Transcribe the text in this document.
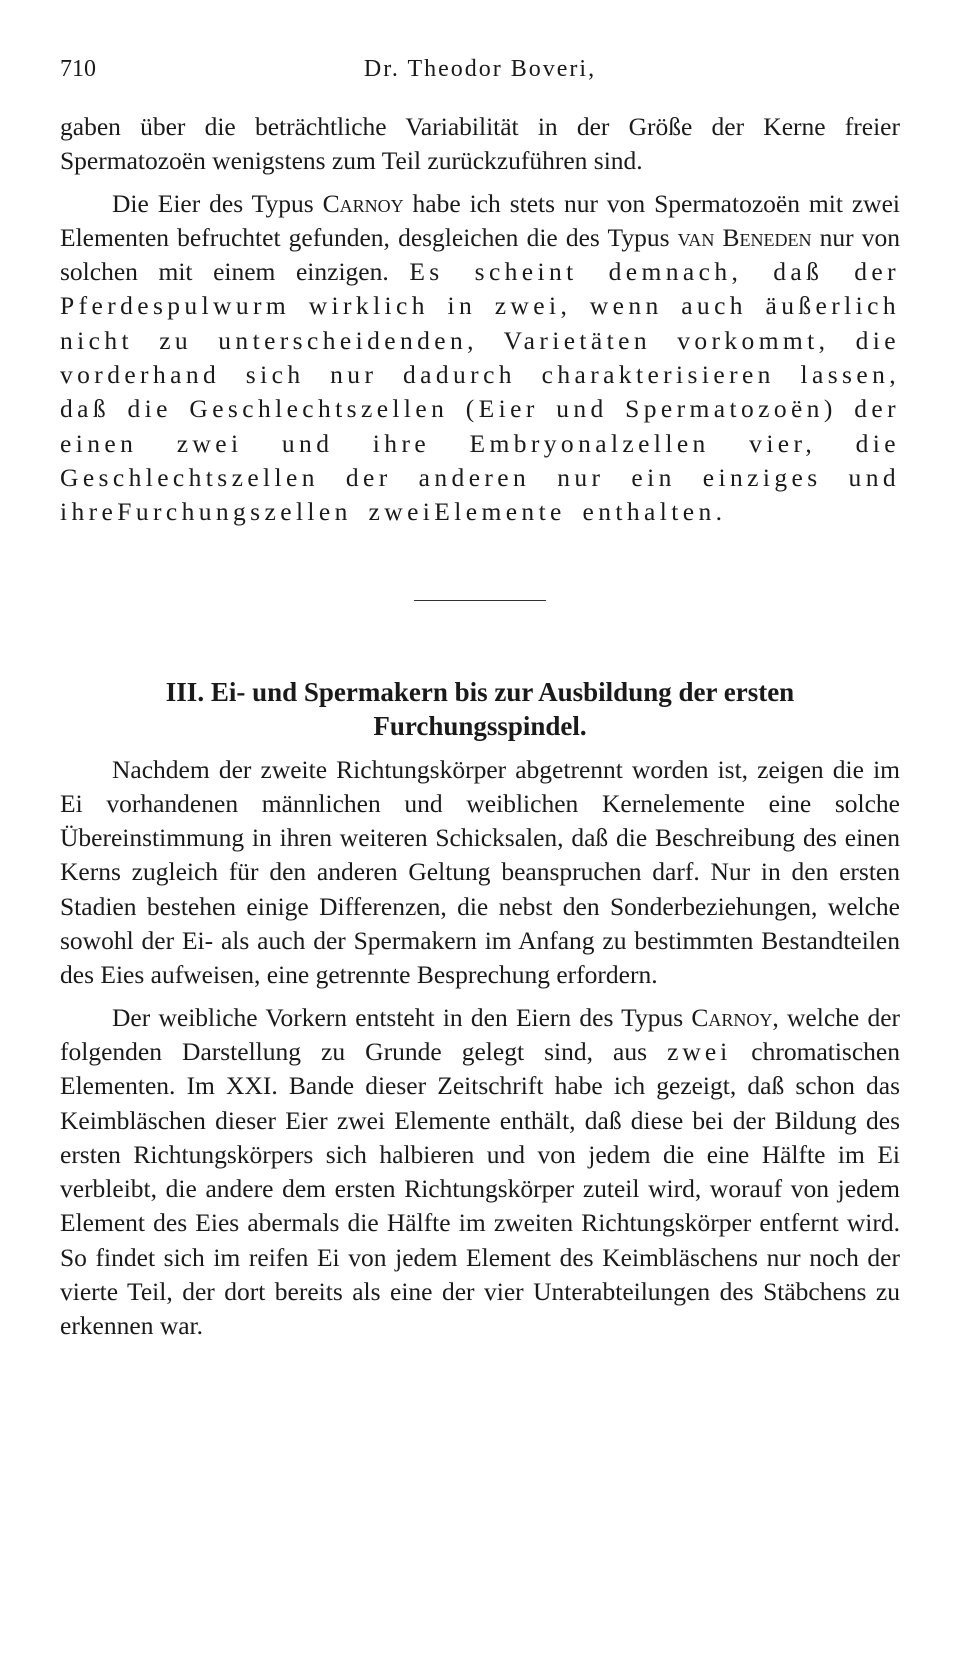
710	Dr. Theodor Boveri,

gaben über die beträchtliche Variabilität in der Größe der Kerne freier Spermatozoën wenigstens zum Teil zurückzuführen sind.

Die Eier des Typus Carnoy habe ich stets nur von Spermatozoën mit zwei Elementen befruchtet gefunden, desgleichen die des Typus van Beneden nur von solchen mit einem einzigen. Es scheint demnach, daß der Pferdespulwurm wirklich in zwei, wenn auch äußerlich nicht zu unterscheidenden, Varietäten vorkommt, die vorderhand sich nur dadurch charakterisieren lassen, daß die Geschlechtszellen (Eier und Spermatozoën) der einen zwei und ihre Embryonalzellen vier, die Geschlechtszellen der anderen nur ein einziges und ihreFurchungszellen zweiElemente enthalten.

III. Ei- und Spermakern bis zur Ausbildung der ersten
Furchungsspindel.

Nachdem der zweite Richtungskörper abgetrennt worden ist, zeigen die im Ei vorhandenen männlichen und weiblichen Kernelemente eine solche Übereinstimmung in ihren weiteren Schicksalen, daß die Beschreibung des einen Kerns zugleich für den anderen Geltung beanspruchen darf. Nur in den ersten Stadien bestehen einige Differenzen, die nebst den Sonderbeziehungen, welche sowohl der Ei- als auch der Spermakern im Anfang zu bestimmten Bestandteilen des Eies aufweisen, eine getrennte Besprechung erfordern.

Der weibliche Vorkern entsteht in den Eiern des Typus Carnoy, welche der folgenden Darstellung zu Grunde gelegt sind, aus zwei chromatischen Elementen. Im XXI. Bande dieser Zeitschrift habe ich gezeigt, daß schon das Keimbläschen dieser Eier zwei Elemente enthält, daß diese bei der Bildung des ersten Richtungskörpers sich halbieren und von jedem die eine Hälfte im Ei verbleibt, die andere dem ersten Richtungskörper zuteil wird, worauf von jedem Element des Eies abermals die Hälfte im zweiten Richtungskörper entfernt wird. So findet sich im reifen Ei von jedem Element des Keimbläschens nur noch der vierte Teil, der dort bereits als eine der vier Unterabteilungen des Stäbchens zu erkennen war.
